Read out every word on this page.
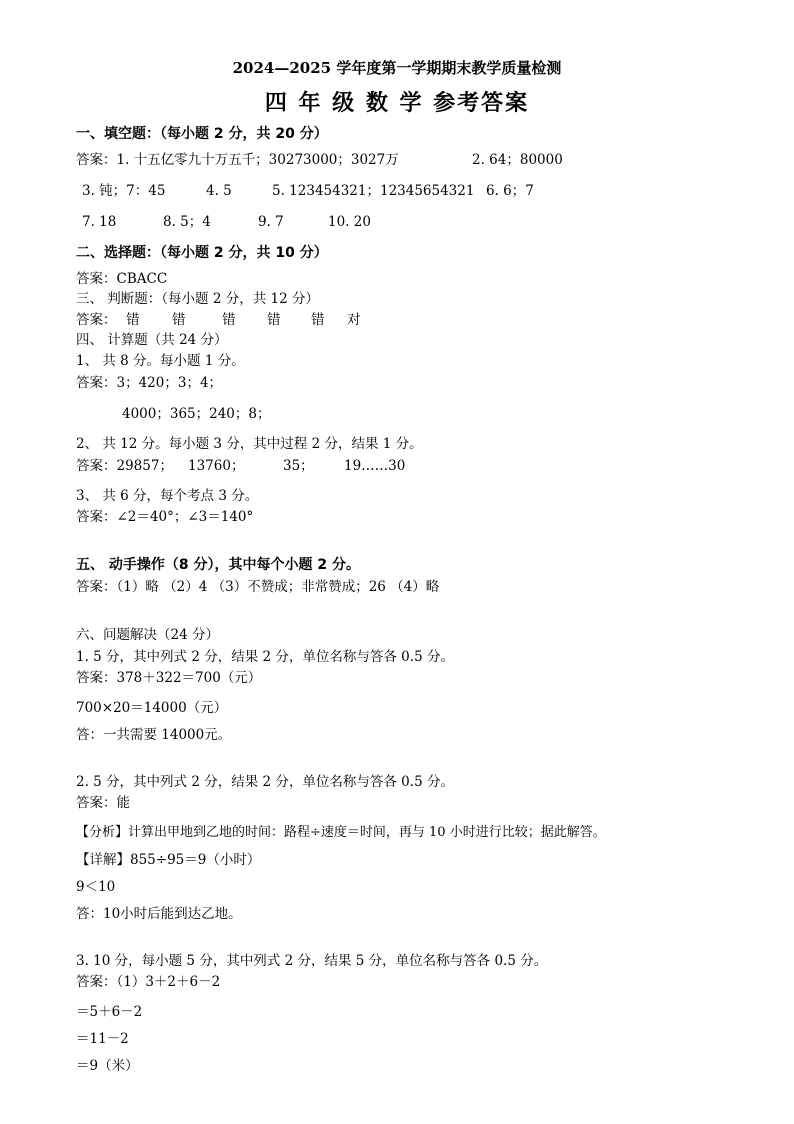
2024—2025 学年度第一学期期末教学质量检测
四 年 级 数 学 参考答案
一、填空题：（每小题 2 分，共 20 分）
答案：1. 十五亿零九十万五千；30273000；3027万	2. 64；80000
3. 钝；7：45	4. 5	5. 123454321；12345654321 6. 6；7
7. 18	8. 5；4	9. 7	10. 20
二、选择题：（每小题 2 分，共 10 分）
答案：CBACC
三、 判断题：（每小题 2 分，共 12 分）
答案： 错 错	错 错 错 对
四、 计算题（共 24 分）
1、 共 8 分。每小题 1 分。
答案：3；420；3；4；
4000；365；240；8；
2、 共 12 分。每小题 3 分，其中过程 2 分，结果 1 分。
答案：29857； 13760；	35； 19……30
3、 共 6 分，每个考点 3 分。
答案：∠2＝40°；∠3＝140°
五、 动手操作（8 分），其中每个小题 2 分。
答案：（1）略 （2）4 （3）不赞成；非常赞成；26 （4）略
六、问题解决（24 分）
1. 5 分，其中列式 2 分，结果 2 分，单位名称与答各 0.5 分。
答案：378＋322＝700（元）
700×20＝14000（元）
答：一共需要 14000元。
2. 5 分，其中列式 2 分，结果 2 分，单位名称与答各 0.5 分。
答案：能
【分析】计算出甲地到乙地的时间：路程÷速度＝时间，再与 10 小时进行比较；据此解答。
【详解】855÷95＝9（小时）
9＜10
答：10小时后能到达乙地。
3. 10 分，每小题 5 分，其中列式 2 分，结果 5 分，单位名称与答各 0.5 分。
答案：（1）3＋2＋6－2
＝5＋6－2
＝11－2
＝9（米）
